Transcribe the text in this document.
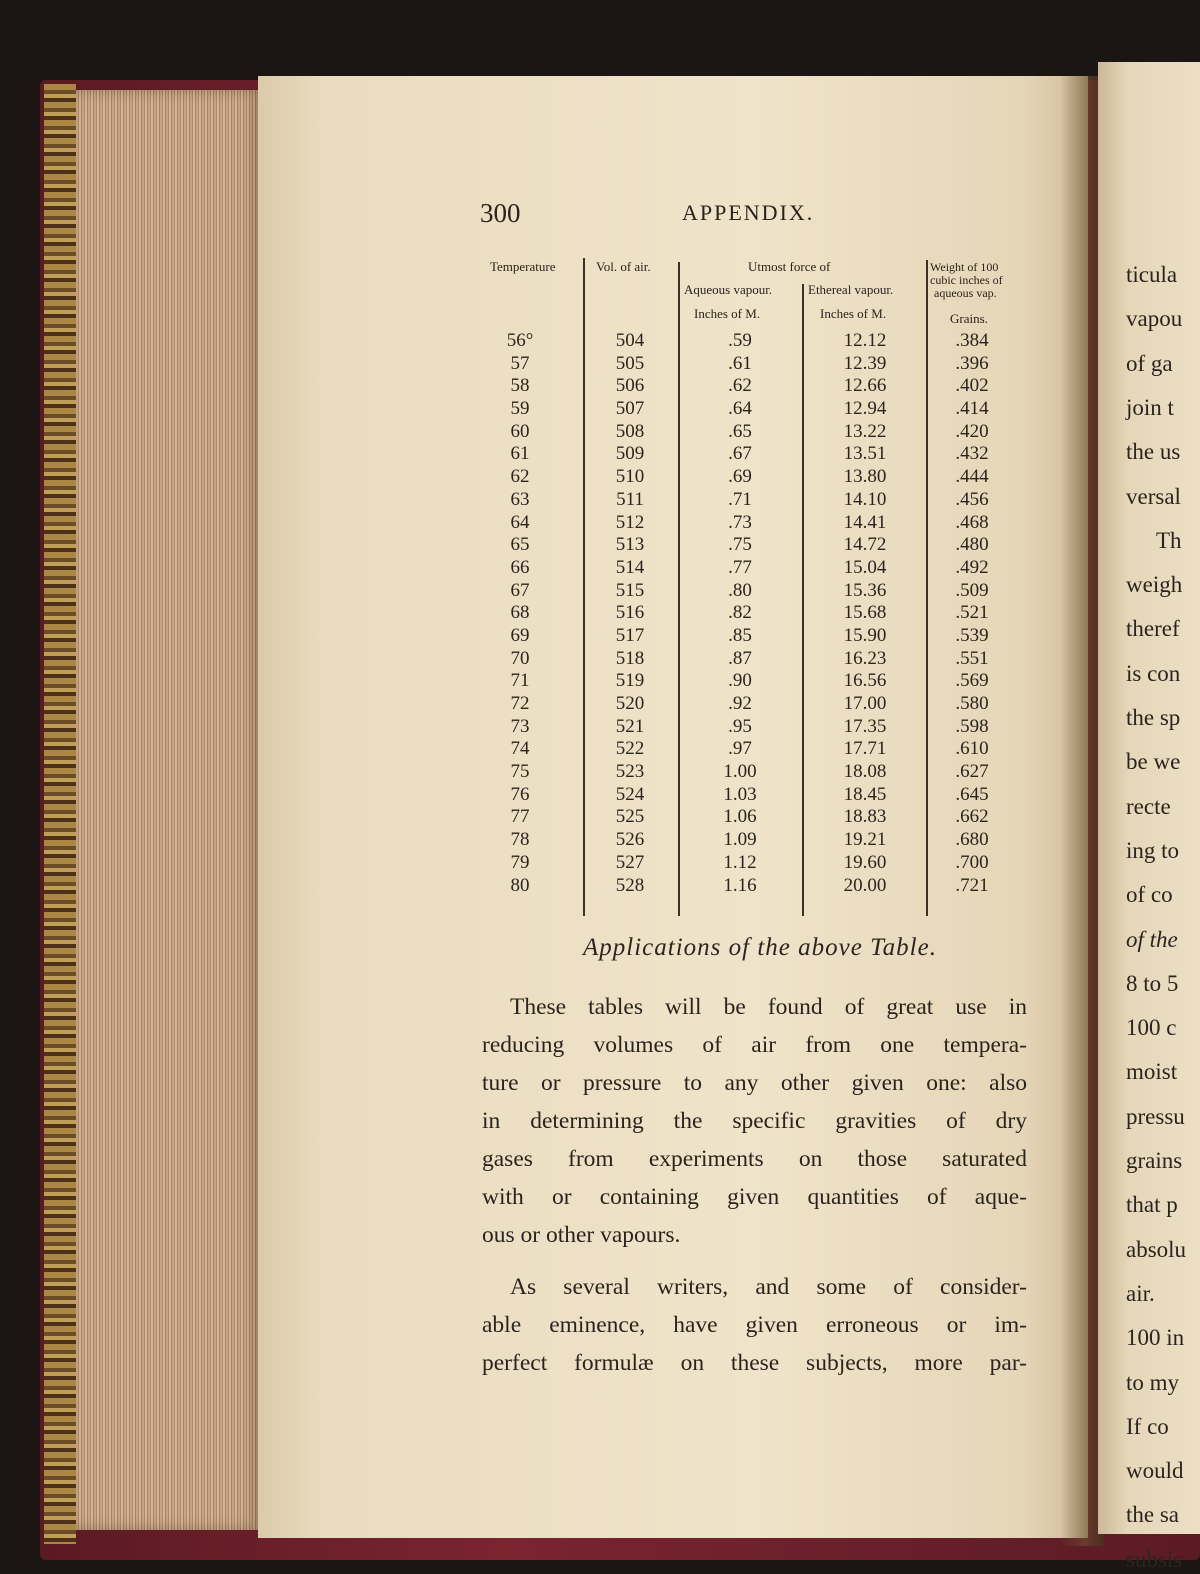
ticula
vapou
of ga
join t
the us
versal
Th
weigh
theref
is con
the sp
be we
recte
ing to
of co
of the
8 to 5
100 c
moist
pressu
grains
that p
absolu
air.
100 in
to my
If co
would
the sa
subsis
300	APPENDIX.
Temperature	Vol. of air.	Utmost force of
Aqueous vapour.	Ethereal vapour.
Weight of 100
cubic inches of
aqueous vap.
Inches of M.	Inches of M.	Grains.
56°	504	.59	12.12	.384
57	505	.61	12.39	.396
58	506	.62	12.66	.402
59	507	.64	12.94	.414
60	508	.65	13.22	.420
61	509	.67	13.51	.432
62	510	.69	13.80	.444
63	511	.71	14.10	.456
64	512	.73	14.41	.468
65	513	.75	14.72	.480
66	514	.77	15.04	.492
67	515	.80	15.36	.509
68	516	.82	15.68	.521
69	517	.85	15.90	.539
70	518	.87	16.23	.551
71	519	.90	16.56	.569
72	520	.92	17.00	.580
73	521	.95	17.35	.598
74	522	.97	17.71	.610
75	523	1.00	18.08	.627
76	524	1.03	18.45	.645
77	525	1.06	18.83	.662
78	526	1.09	19.21	.680
79	527	1.12	19.60	.700
80	528	1.16	20.00	.721
Applications of the above Table.
These tables will be found of great use in
reducing volumes of air from one tempera-
ture or pressure to any other given one: also
in determining the specific gravities of dry
gases from experiments on those saturated
with or containing given quantities of aque-
ous or other vapours.
As several writers, and some of consider-
able eminence, have given erroneous or im-
perfect formulæ on these subjects, more par-
